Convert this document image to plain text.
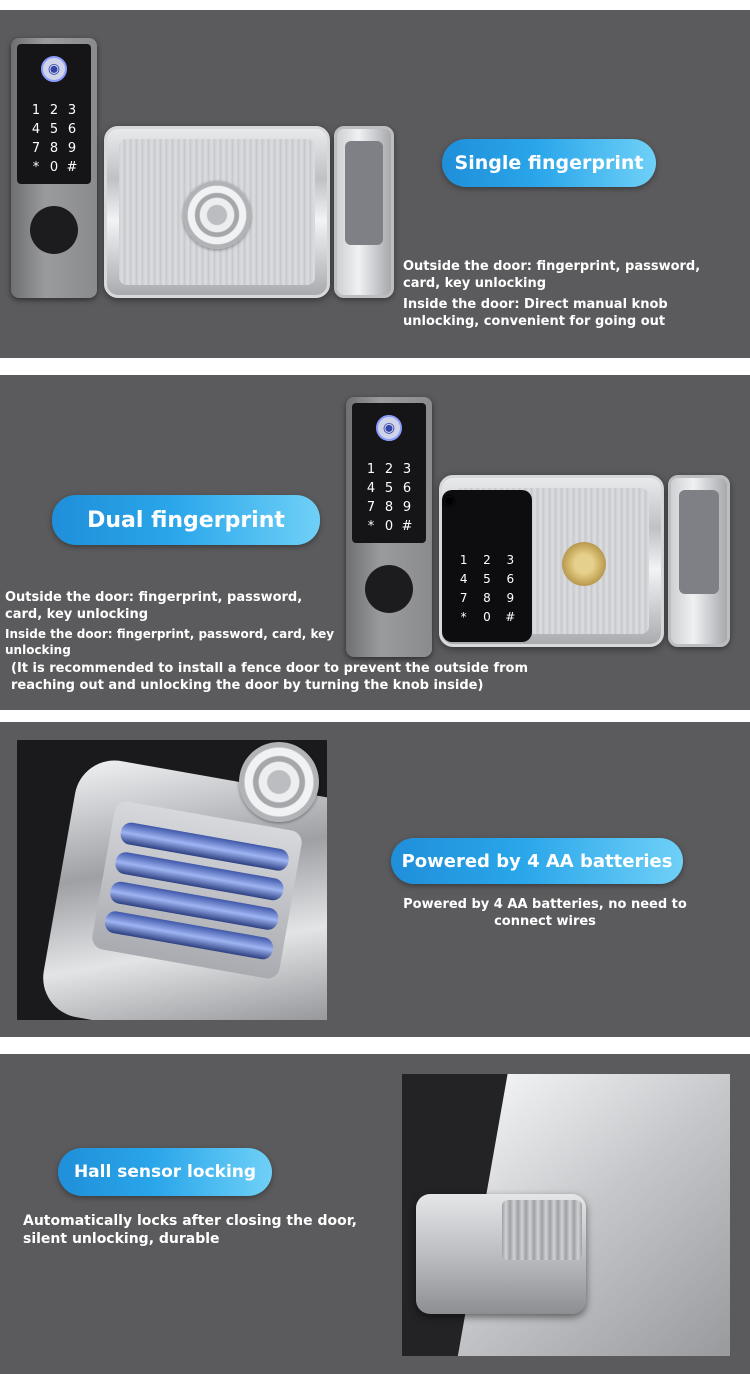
◉
1 2 3
4 5 6
7 8 9
* 0 #	Single fingerprint
Outside the door: fingerprint, password, card, key unlocking
Inside the door: Direct manual knob unlocking, convenient for going out
◉
1 2 3
4 5 6
7 8 9
* 0 #
◉
1	2	3
4	5	6
7	8	9
*	0	#
Dual fingerprint
Outside the door: fingerprint, password, card, key unlocking
Inside the door: fingerprint, password, card, key unlocking
(It is recommended to install a fence door to prevent the outside from reaching out and unlocking the door by turning the knob inside)
Powered by 4 AA batteries
Powered by 4 AA batteries, no need to connect wires
Hall sensor locking
Automatically locks after closing the door, silent unlocking, durable
